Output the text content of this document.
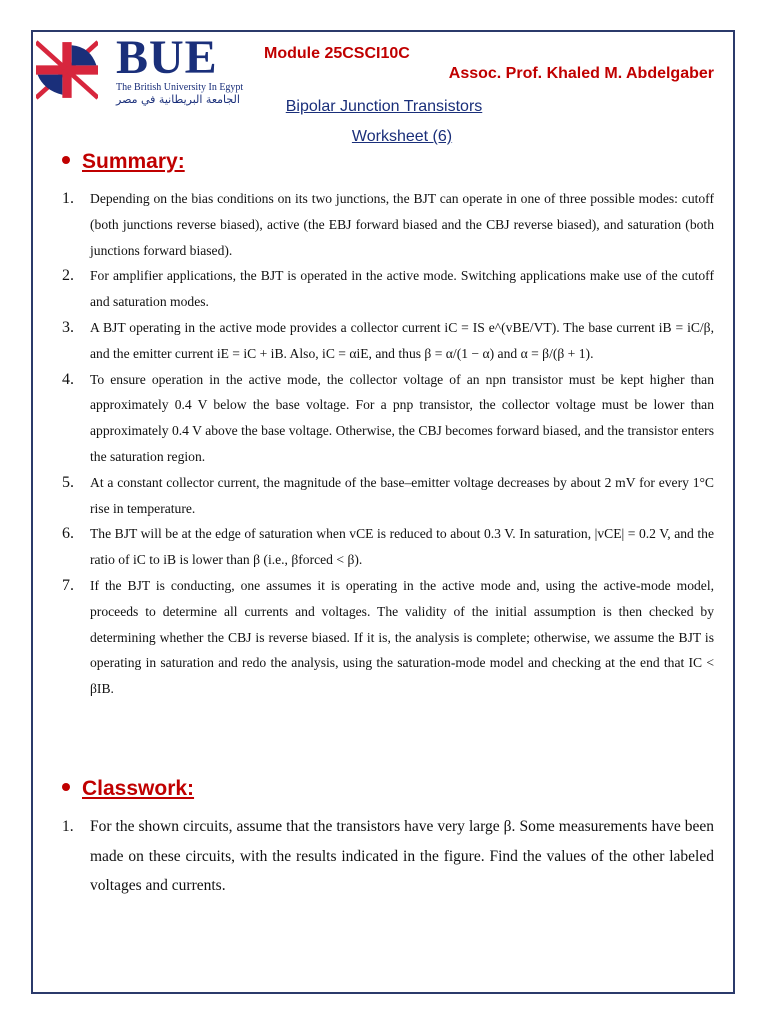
BUE
The British University In Egypt
الجامعة البريطانية في مصر
Module 25CSCI10C
Assoc. Prof. Khaled M. Abdelgaber
Bipolar Junction Transistors
Worksheet (6)
Summary:
1. Depending on the bias conditions on its two junctions, the BJT can operate in one of three possible modes: cutoff (both junctions reverse biased), active (the EBJ forward biased and the CBJ reverse biased), and saturation (both junctions forward biased).
2. For amplifier applications, the BJT is operated in the active mode. Switching applications make use of the cutoff and saturation modes.
3. A BJT operating in the active mode provides a collector current iC = IS e^(vBE/VT). The base current iB = iC/β, and the emitter current iE = iC + iB. Also, iC = αiE, and thus β = α/(1 − α) and α = β/(β + 1).
4. To ensure operation in the active mode, the collector voltage of an npn transistor must be kept higher than approximately 0.4 V below the base voltage. For a pnp transistor, the collector voltage must be lower than approximately 0.4 V above the base voltage. Otherwise, the CBJ becomes forward biased, and the transistor enters the saturation region.
5. At a constant collector current, the magnitude of the base–emitter voltage decreases by about 2 mV for every 1°C rise in temperature.
6. The BJT will be at the edge of saturation when vCE is reduced to about 0.3 V. In saturation, |vCE| = 0.2 V, and the ratio of iC to iB is lower than β (i.e., βforced < β).
7. If the BJT is conducting, one assumes it is operating in the active mode and, using the active-mode model, proceeds to determine all currents and voltages. The validity of the initial assumption is then checked by determining whether the CBJ is reverse biased. If it is, the analysis is complete; otherwise, we assume the BJT is operating in saturation and redo the analysis, using the saturation-mode model and checking at the end that IC < βIB.
Classwork:
1. For the shown circuits, assume that the transistors have very large β. Some measurements have been made on these circuits, with the results indicated in the figure. Find the values of the other labeled voltages and currents.
